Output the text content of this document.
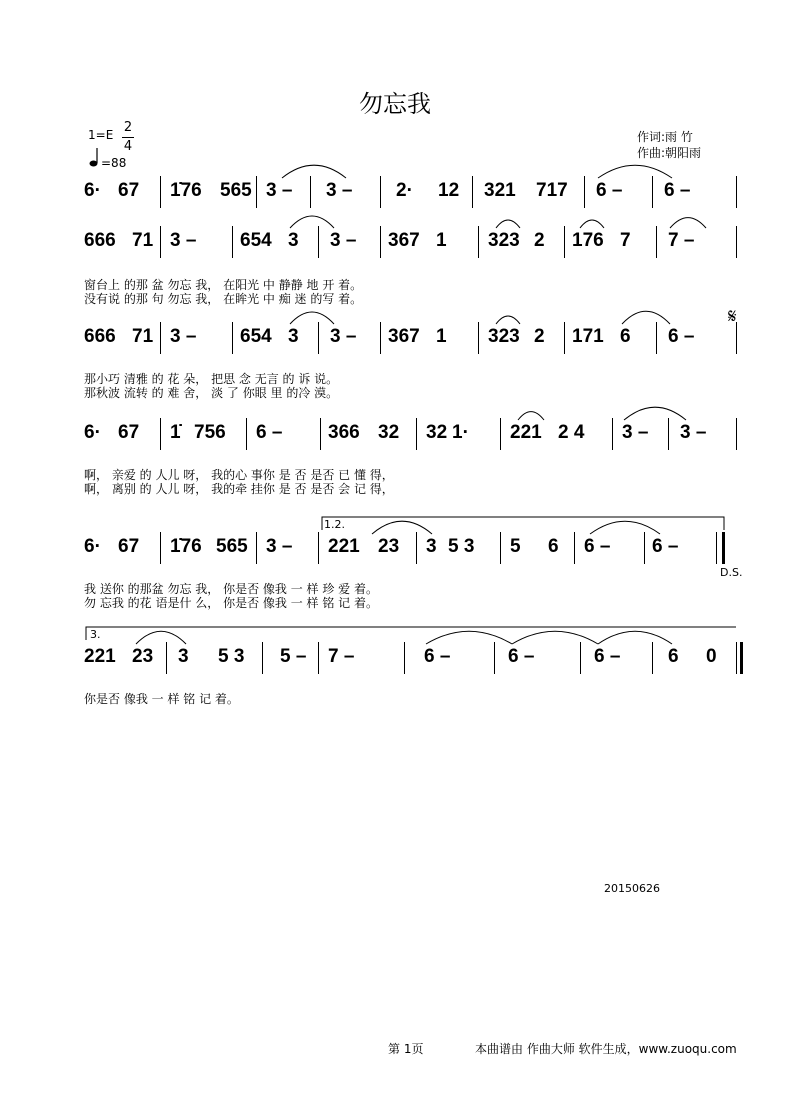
勿忘我
1=E 2
4
=88
作词:雨 竹
作曲:朝阳雨
6· 67 1̇76 565 3 – 3 – 2· 12 321 717 6 – 6 –
666 71 3 – 654 3 3 – 367 1 323 2 176 7 7 –
666 71 3 – 654 3 3 – 367 1 323 2 171 6 6 –
6· 67 1̇ 756 6 – 366 32 32 1· 221 2 4 3 – 3 –
6· 67 1̇76 565 3 – 221 23 3 5 3 5 6 6 – 6 –
221 23 3 5 3 5 – 7 –	6 –	6 –	6 –	6 0
窗台上 的那 盆 勿忘 我， 在阳光 中 静静 地 开 着。
没有说 的那 句 勿忘 我， 在眸光 中 痴 迷 的写 着。
那小巧 清雅 的 花 朵， 把思 念 无言 的 诉 说。
那秋波 流转 的 难 舍， 淡 了 你眼 里 的冷 漠。
啊， 亲爱 的 人儿 呀， 我的心 事你 是 否 是否 已 懂 得，
啊， 离别 的 人儿 呀， 我的牵 挂你 是 否 是否 会 记 得，
我 送你 的那盆 勿忘 我， 你是否 像我 一 样 珍 爱 着。
勿 忘我 的花 语是什 么， 你是否 像我 一 样 铭 记 着。
你是否 像我 一 样 铭 记 着。
1.2.
3.
D.S.
𝄋
20150626
第 1页	本曲谱由 作曲大师 软件生成，www.zuoqu.com
